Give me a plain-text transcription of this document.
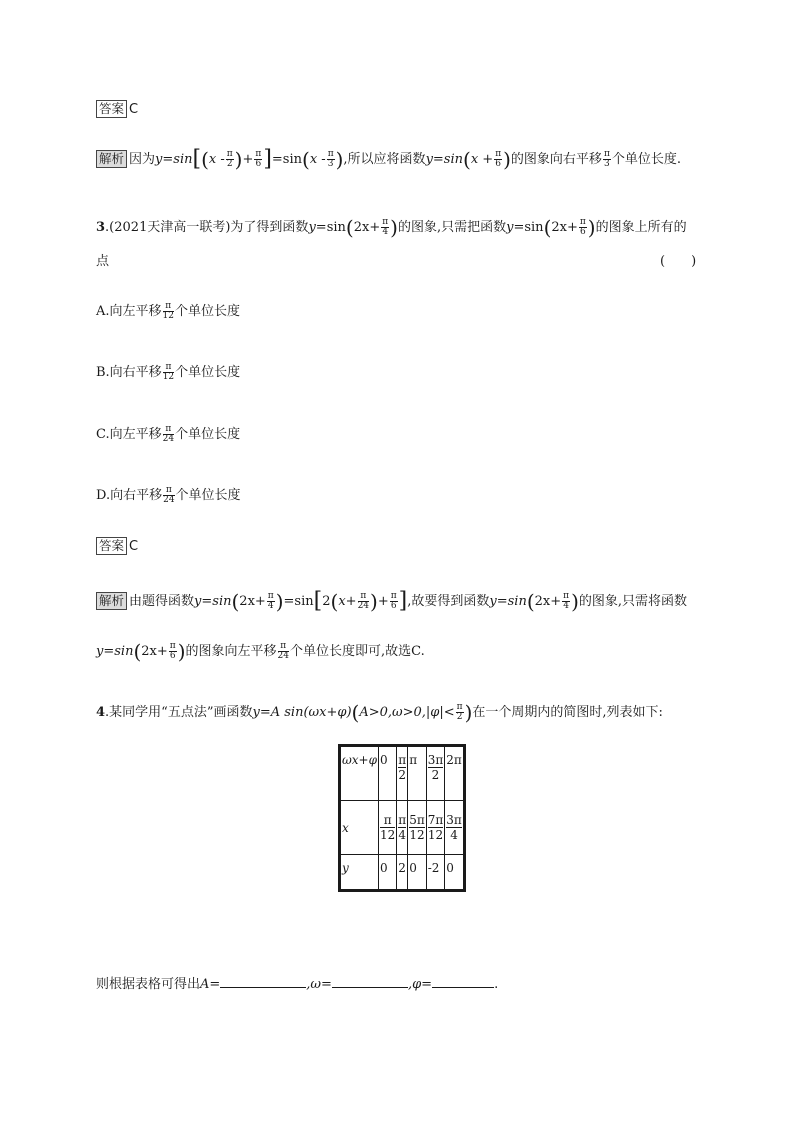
答案 C
解析 因为$y=\sin[(x - \frac{\pi}{2}$ )+ $\frac{\pi}{6} ]=\sin(x - \frac{\pi}{3}$ ),所以应将函数$y=\sin(x + \frac{\pi}{6}$ )的图象向右平移 $\frac{\pi}{3}$ 个单位长度.
3.(2021天津高一联考)为了得到函数$y=\sin(2x+ \frac{\pi}{4}$ )的图象,只需把函数$y=\sin(2x+ \frac{\pi}{6}$ )的图象上所有的
点	(　　)
A.向左平移 $\frac{\pi}{12}$ 个单位长度
B.向右平移 $\frac{\pi}{12}$ 个单位长度
C.向左平移 $\frac{\pi}{24}$ 个单位长度
D.向右平移 $\frac{\pi}{24}$ 个单位长度
答案 C
解析 由题得函数$y=\sin(2x+ \frac{\pi}{4} )=\sin[2(x+ \frac{\pi}{24}$ )+ $\frac{\pi}{6}$ ],故要得到函数$y=\sin(2x+ \frac{\pi}{4}$ )的图象,只需将函数
$y=\sin(2x+ \frac{\pi}{6}$ )的图象向左平移 $\frac{\pi}{24}$ 个单位长度即可,故选C.
4.某同学用“五点法”画函数y=A $\sin(\omega x+\varphi)(A>0,\omega>0,|\varphi|< \frac{\pi}{2}$ )在一个周期内的简图时,列表如下:
ωx+φ	0	$\frac{\pi}{2}$	π	$\frac{3\pi}{2}$	2π
x	$\frac{\pi}{12}$	$\frac{\pi}{4}$	$\frac{5\pi}{12}$	$\frac{7\pi}{12}$	$\frac{3\pi}{4}$

y	0	2	0	-2	0
则根据表格可得出A=	,ω=	,φ=	.
